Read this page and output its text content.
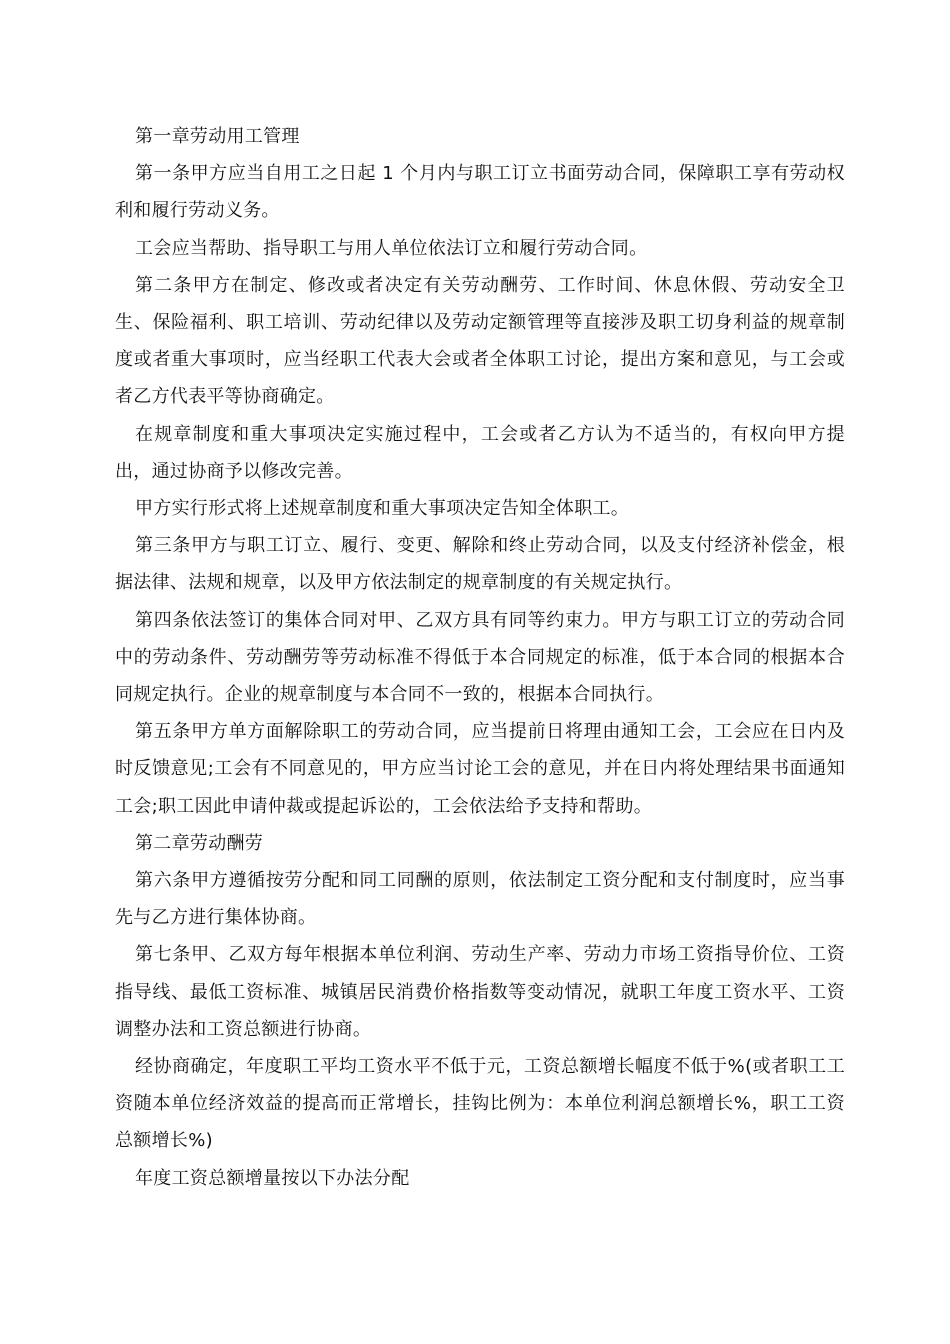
第一章劳动用工管理

第一条甲方应当自用工之日起 1 个月内与职工订立书面劳动合同，保障职工享有劳动权利和履行劳动义务。

工会应当帮助、指导职工与用人单位依法订立和履行劳动合同。

第二条甲方在制定、修改或者决定有关劳动酬劳、工作时间、休息休假、劳动安全卫生、保险福利、职工培训、劳动纪律以及劳动定额管理等直接涉及职工切身利益的规章制度或者重大事项时，应当经职工代表大会或者全体职工讨论，提出方案和意见，与工会或者乙方代表平等协商确定。

在规章制度和重大事项决定实施过程中，工会或者乙方认为不适当的，有权向甲方提出，通过协商予以修改完善。

甲方实行形式将上述规章制度和重大事项决定告知全体职工。

第三条甲方与职工订立、履行、变更、解除和终止劳动合同，以及支付经济补偿金，根据法律、法规和规章，以及甲方依法制定的规章制度的有关规定执行。

第四条依法签订的集体合同对甲、乙双方具有同等约束力。甲方与职工订立的劳动合同中的劳动条件、劳动酬劳等劳动标准不得低于本合同规定的标准，低于本合同的根据本合同规定执行。企业的规章制度与本合同不一致的，根据本合同执行。

第五条甲方单方面解除职工的劳动合同，应当提前日将理由通知工会，工会应在日内及时反馈意见;工会有不同意见的，甲方应当讨论工会的意见，并在日内将处理结果书面通知工会;职工因此申请仲裁或提起诉讼的，工会依法给予支持和帮助。

第二章劳动酬劳

第六条甲方遵循按劳分配和同工同酬的原则，依法制定工资分配和支付制度时，应当事先与乙方进行集体协商。

第七条甲、乙双方每年根据本单位利润、劳动生产率、劳动力市场工资指导价位、工资指导线、最低工资标准、城镇居民消费价格指数等变动情况，就职工年度工资水平、工资调整办法和工资总额进行协商。

经协商确定，年度职工平均工资水平不低于元，工资总额增长幅度不低于%(或者职工工资随本单位经济效益的提高而正常增长，挂钩比例为：本单位利润总额增长%，职工工资总额增长%)

年度工资总额增量按以下办法分配
